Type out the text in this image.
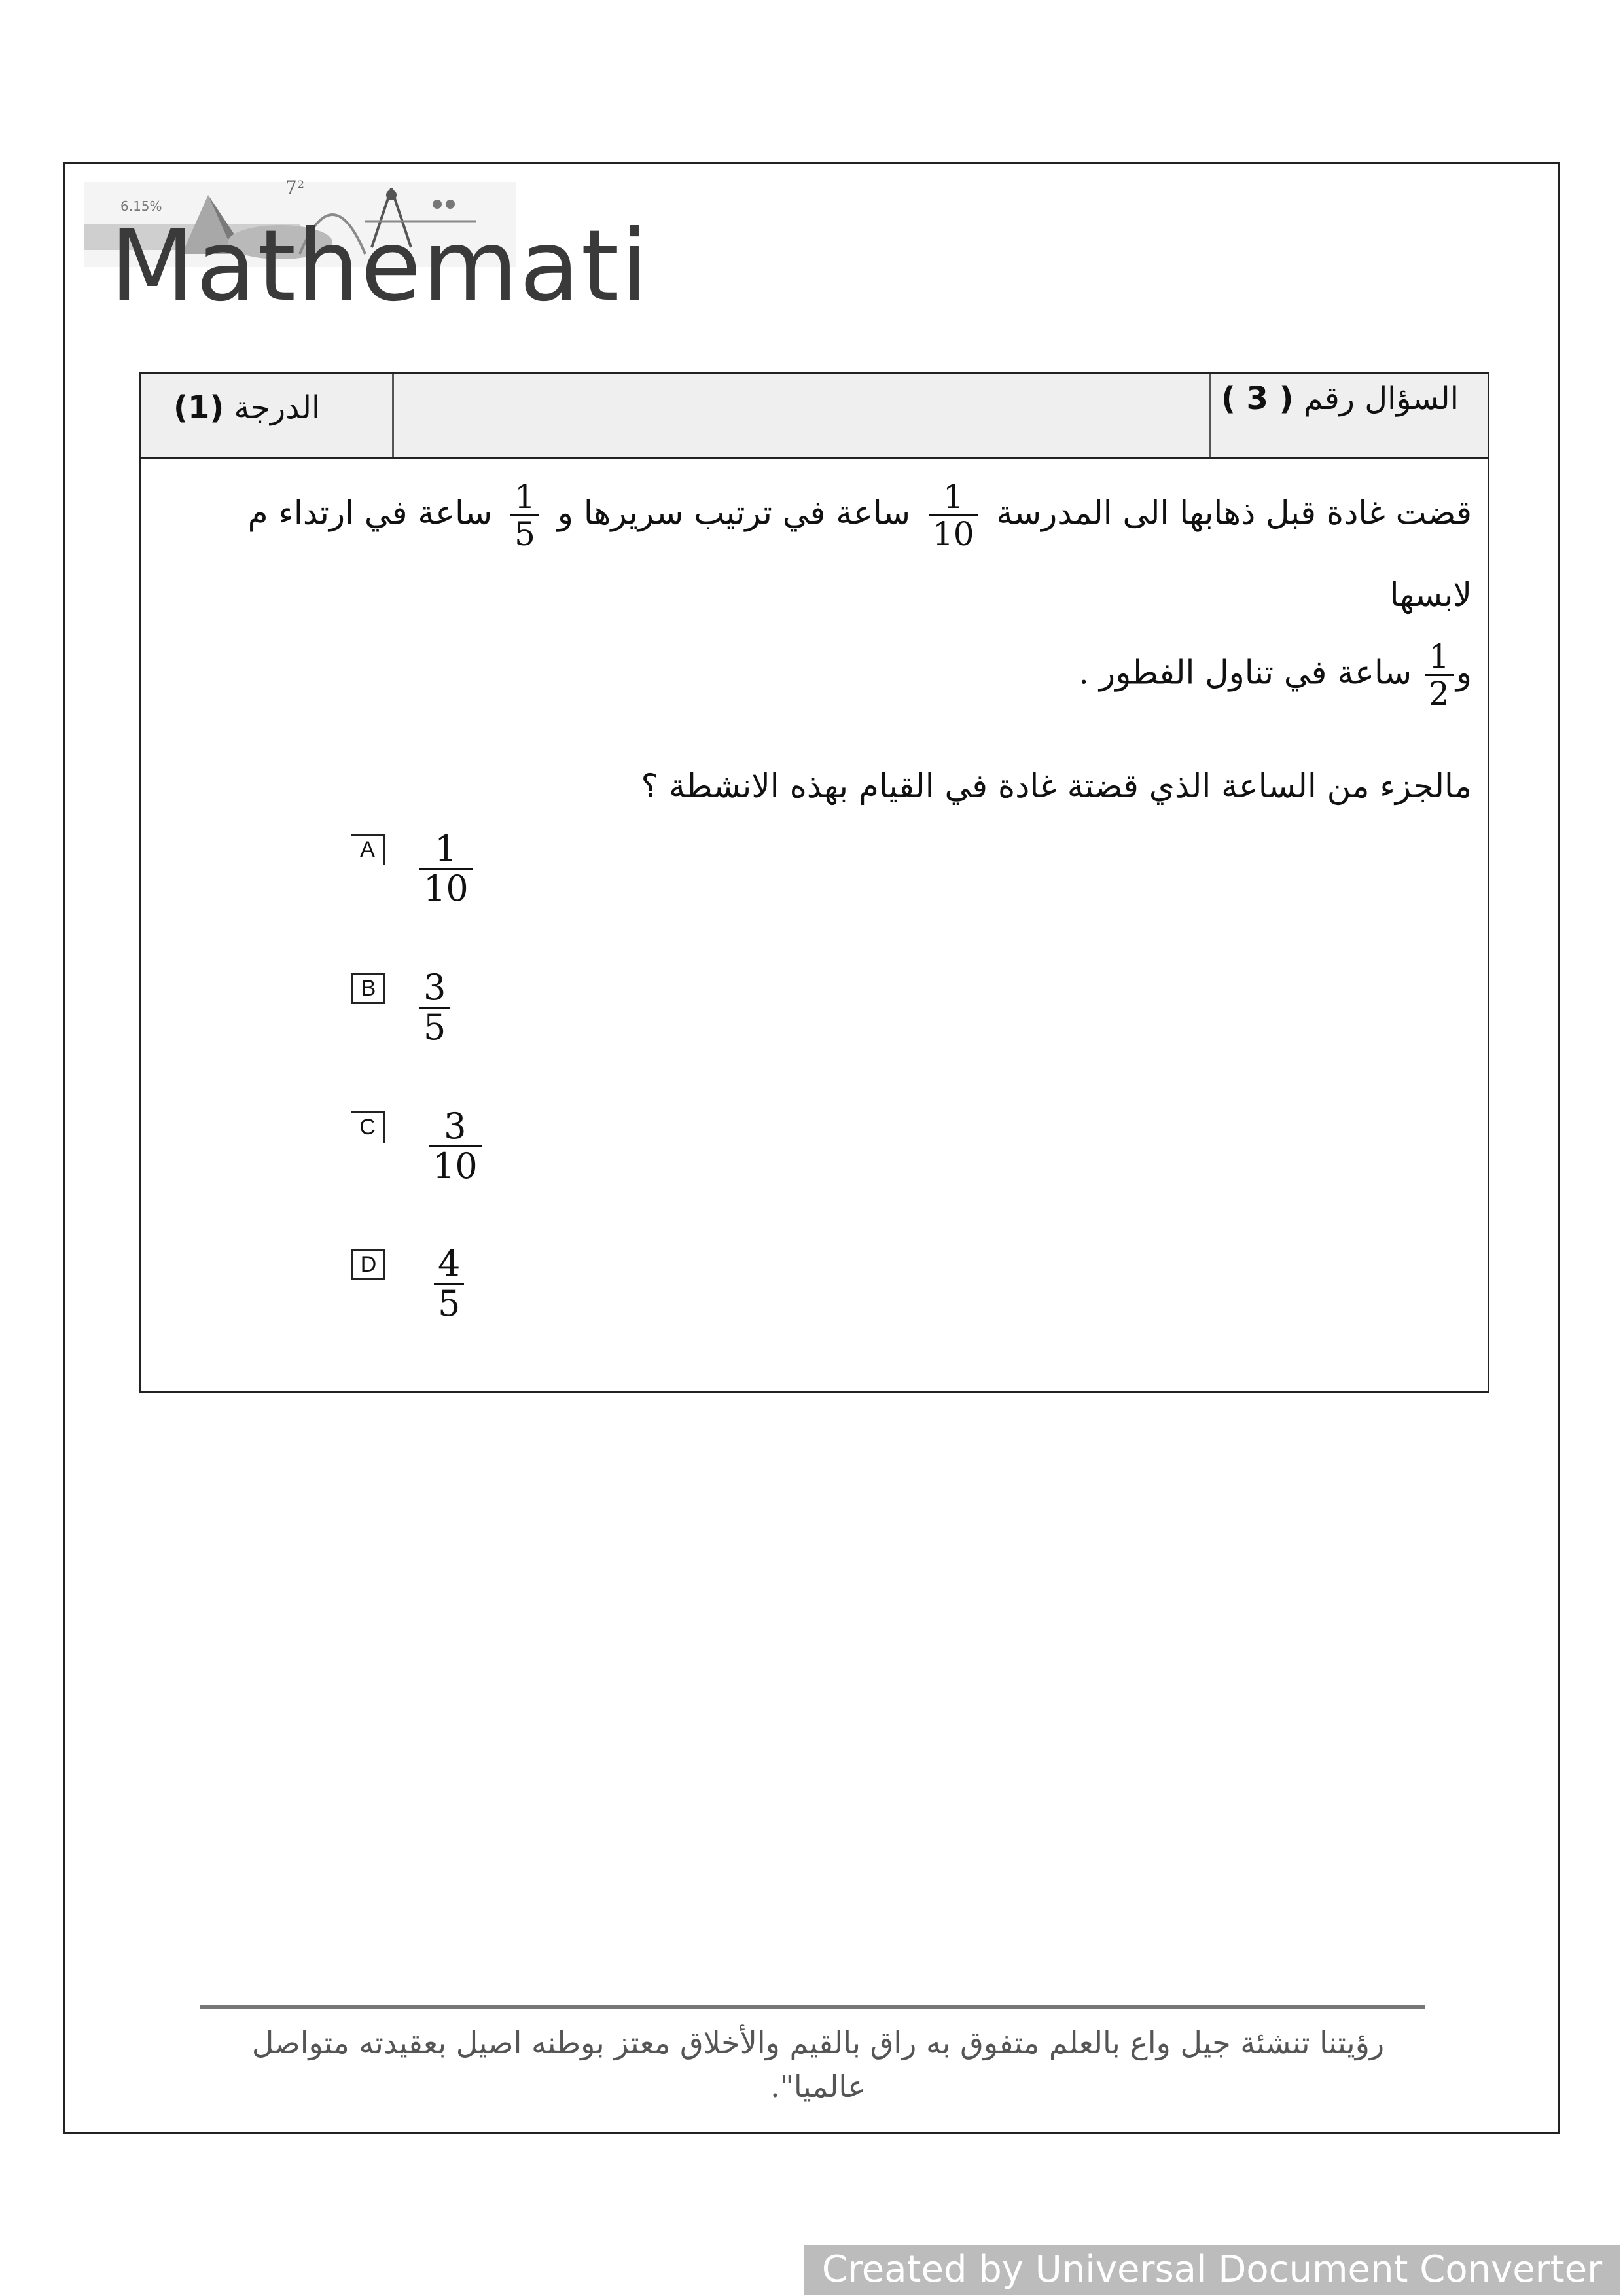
6.15%
7²
Mathemati
الدرجة (1)	السؤال رقم ( 3 )
قضت غادة قبل ذهابها الى المدرسة
$\frac{1}{10}$
ساعة في ترتيب سريرها و
$\frac{1}{5}$
ساعة في ارتداء م
لابسها
و
$\frac{1}{2}$
ساعة في تناول الفطور .
مالجزء من الساعة الذي قضتة غادة في القيام بهذه الانشطة ؟
A $\frac{1}{10}$
B $\frac{3}{5}$
C $\frac{3}{10}$
D $\frac{4}{5}$
رؤيتنا تنشئة جيل واع بالعلم متفوق به راق بالقيم والأخلاق معتز بوطنه اصيل بعقيدته متواصل
عالميا".
Created by Universal Document Converter
